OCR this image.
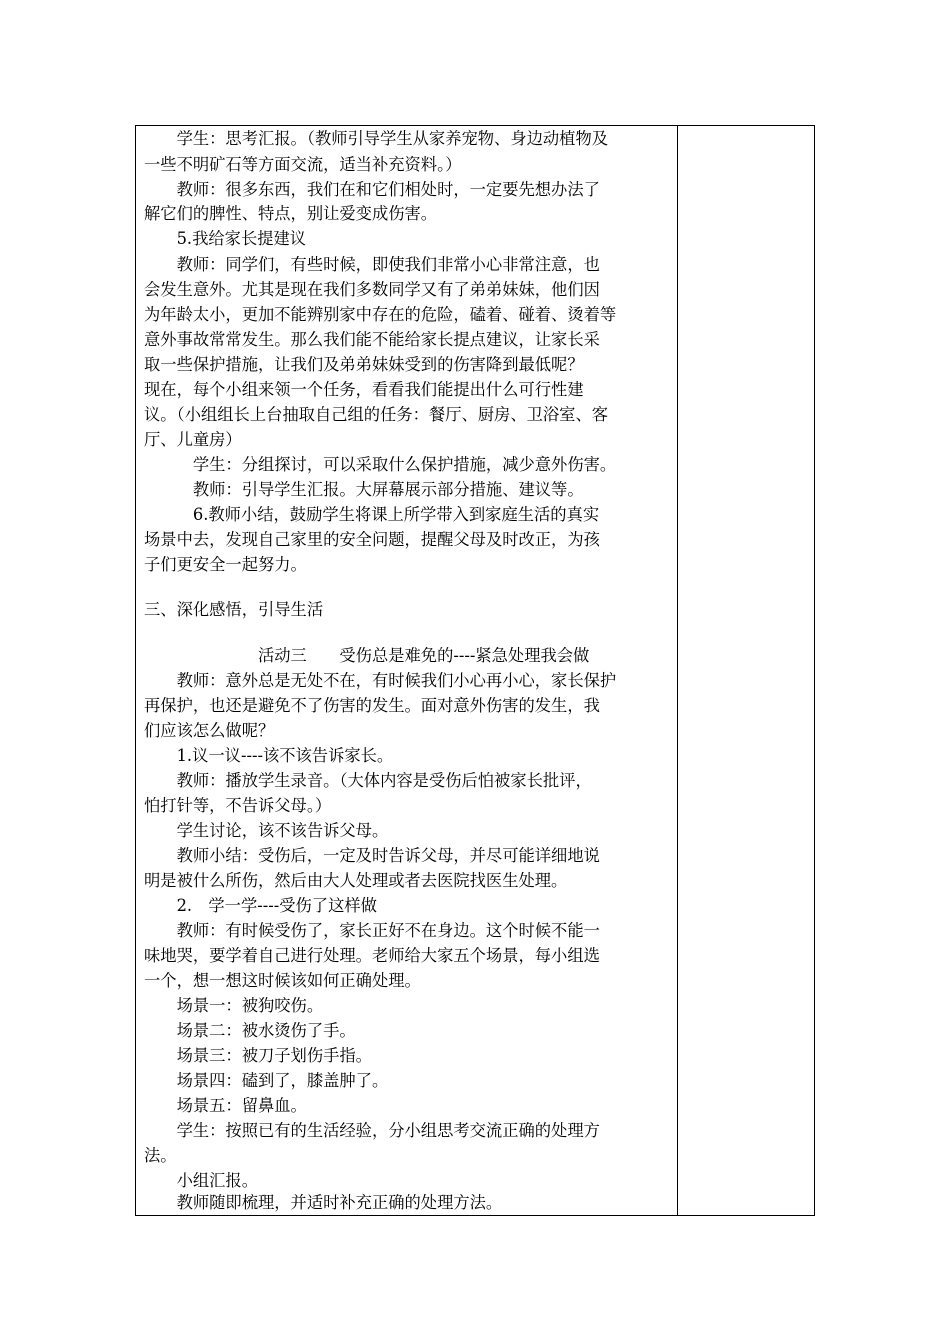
　　学生：思考汇报。（教师引导学生从家养宠物、身边动植物及
一些不明矿石等方面交流，适当补充资料。）
　　教师：很多东西，我们在和它们相处时，一定要先想办法了
解它们的脾性、特点，别让爱变成伤害。
　　5.我给家长提建议
　　教师：同学们，有些时候，即使我们非常小心非常注意，也
会发生意外。尤其是现在我们多数同学又有了弟弟妹妹，他们因
为年龄太小，更加不能辨别家中存在的危险，磕着、碰着、烫着等
意外事故常常发生。那么我们能不能给家长提点建议，让家长采
取一些保护措施，让我们及弟弟妹妹受到的伤害降到最低呢？
现在，每个小组来领一个任务，看看我们能提出什么可行性建
议。（小组组长上台抽取自己组的任务：餐厅、厨房、卫浴室、客
厅、儿童房）
　　　学生：分组探讨，可以采取什么保护措施，减少意外伤害。
　　　教师：引导学生汇报。大屏幕展示部分措施、建议等。
　　　6.教师小结，鼓励学生将课上所学带入到家庭生活的真实
场景中去，发现自己家里的安全问题，提醒父母及时改正，为孩
子们更安全一起努力。
三、深化感悟，引导生活
　　　　　　　活动三　　受伤总是难免的----紧急处理我会做
　　教师：意外总是无处不在，有时候我们小心再小心，家长保护
再保护，也还是避免不了伤害的发生。面对意外伤害的发生，我
们应该怎么做呢？
　　1.议一议----该不该告诉家长。
　　教师：播放学生录音。（大体内容是受伤后怕被家长批评，
怕打针等，不告诉父母。）
　　学生讨论，该不该告诉父母。
　　教师小结：受伤后，一定及时告诉父母，并尽可能详细地说
明是被什么所伤，然后由大人处理或者去医院找医生处理。
　　2.　学一学----受伤了这样做
　　教师：有时候受伤了，家长正好不在身边。这个时候不能一
味地哭，要学着自己进行处理。老师给大家五个场景，每小组选
一个，想一想这时候该如何正确处理。
　　场景一：被狗咬伤。
　　场景二：被水烫伤了手。
　　场景三：被刀子划伤手指。
　　场景四：磕到了，膝盖肿了。
　　场景五：留鼻血。
　　学生：按照已有的生活经验，分小组思考交流正确的处理方
法。
　　小组汇报。
　　教师随即梳理，并适时补充正确的处理方法。
